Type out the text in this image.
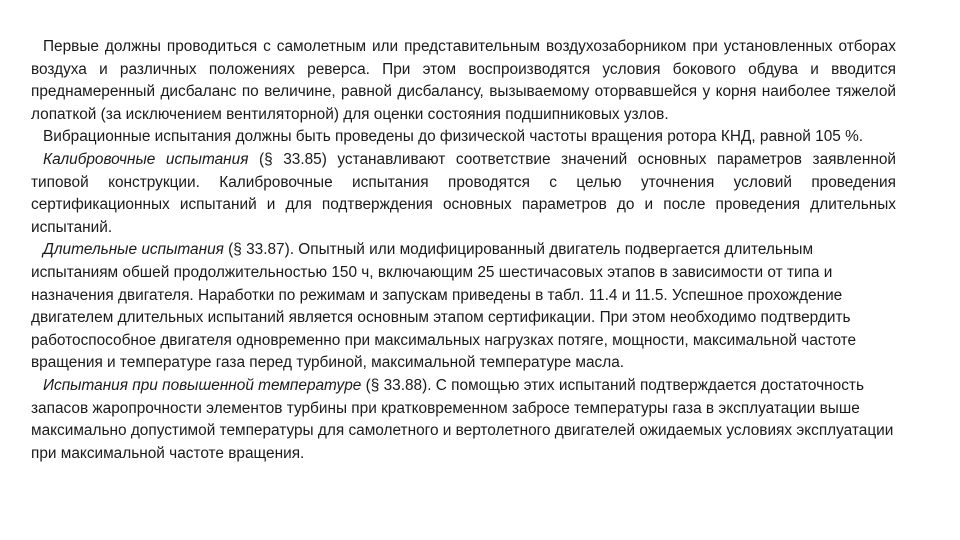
Первые должны проводиться с самолетным или представительным воздухозаборником при установленных отборах воздуха и различных положениях реверса. При этом воспроизводятся условия бокового обдува и вводится преднамеренный дисбаланс по величине, равной дисбалансу, вызываемому оторвавшейся у корня наиболее тяжелой лопаткой (за исключением вентиляторной) для оценки состояния подшипниковых узлов.

Вибрационные испытания должны быть проведены до физической частоты вращения ротора КНД, равной 105 %.

Калибровочные испытания (§ 33.85) устанавливают соответствие значений основных параметров заявленной типовой конструкции. Калибровочные испытания проводятся с целью уточнения условий проведения сертификационных испытаний и для подтверждения основных параметров до и после проведения длительных испытаний.

Длительные испытания (§ 33.87). Опытный или модифицированный двигатель подвергается длительным испытаниям обшей продолжительностью 150 ч, включающим 25 шестичасовых этапов в зависимости от типа и назначения двигателя. Наработки по режимам и запускам приведены в табл. 11.4 и 11.5. Успешное прохождение двигателем длительных испытаний является основным этапом сертификации. При этом необходимо подтвердить работоспособное двигателя одновременно при максимальных нагрузках потяге, мощности, максимальной частоте вращения и температуре газа перед турбиной, максимальной температуре масла.

Испытания при повышенной температуре (§ 33.88). С помощью этих испытаний подтверждается достаточность запасов жаропрочности элементов турбины при кратковременном забросе температуры газа в эксплуатации выше максимально допустимой температуры для самолетного и вертолетного двигателей ожидаемых условиях эксплуатации при максимальной частоте вращения.
